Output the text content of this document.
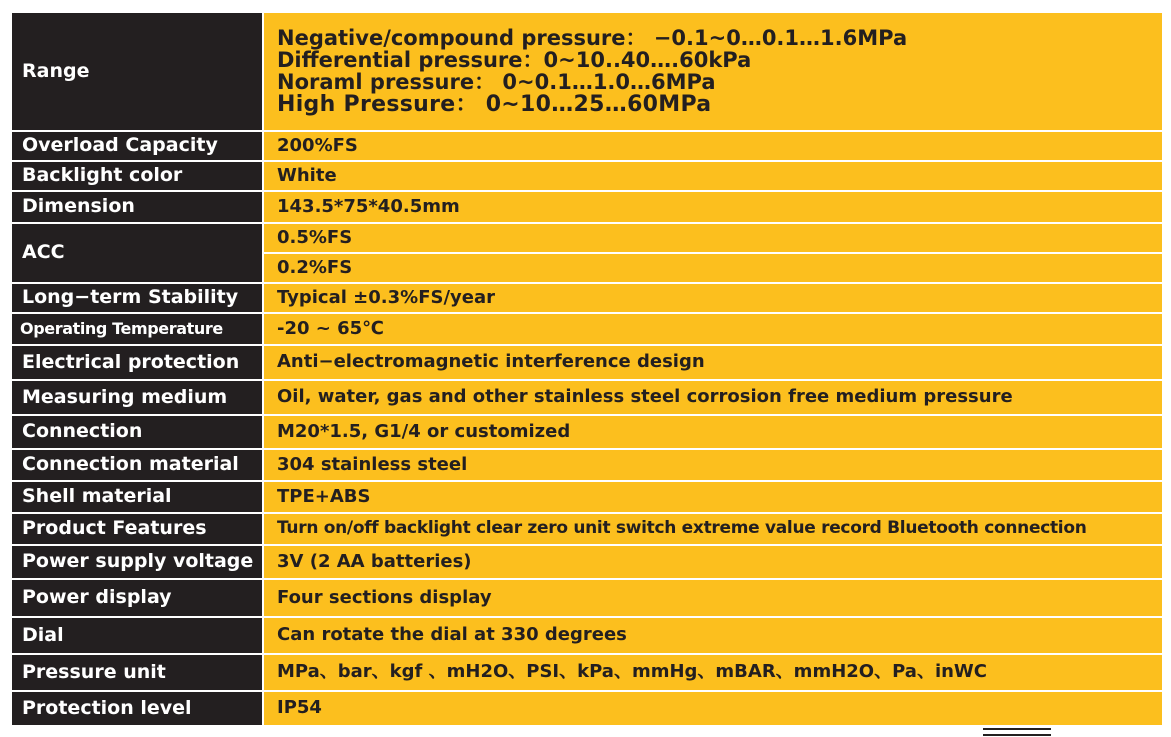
Range	Negative/compound pressure： −0.1~0…0.1…1.6MPa
Differential pressure：0~10..40….60kPa
Noraml pressure： 0~0.1…1.0…6MPa
High Pressure： 0~10…25…60MPa

Overload Capacity	200%FS
Backlight color	White
Dimension	143.5*75*40.5mm
ACC	0.5%FS
	0.2%FS
Long−term Stability	Typical ±0.3%FS/year
Operating Temperature	-20 ~ 65℃
Electrical protection	Anti−electromagnetic interference design
Measuring medium	Oil, water, gas and other stainless steel corrosion free medium pressure
Connection	M20*1.5, G1/4 or customized
Connection material	304 stainless steel
Shell material	TPE+ABS
Product Features	Turn on/off backlight clear zero unit switch extreme value record Bluetooth connection
Power supply voltage	3V (2 AA batteries)
Power display	Four sections display
Dial	Can rotate the dial at 330 degrees
Pressure unit	MPa、bar、kgf 、mH2O、PSI、kPa、mmHg、mBAR、mmH2O、Pa、inWC
Protection level	IP54
